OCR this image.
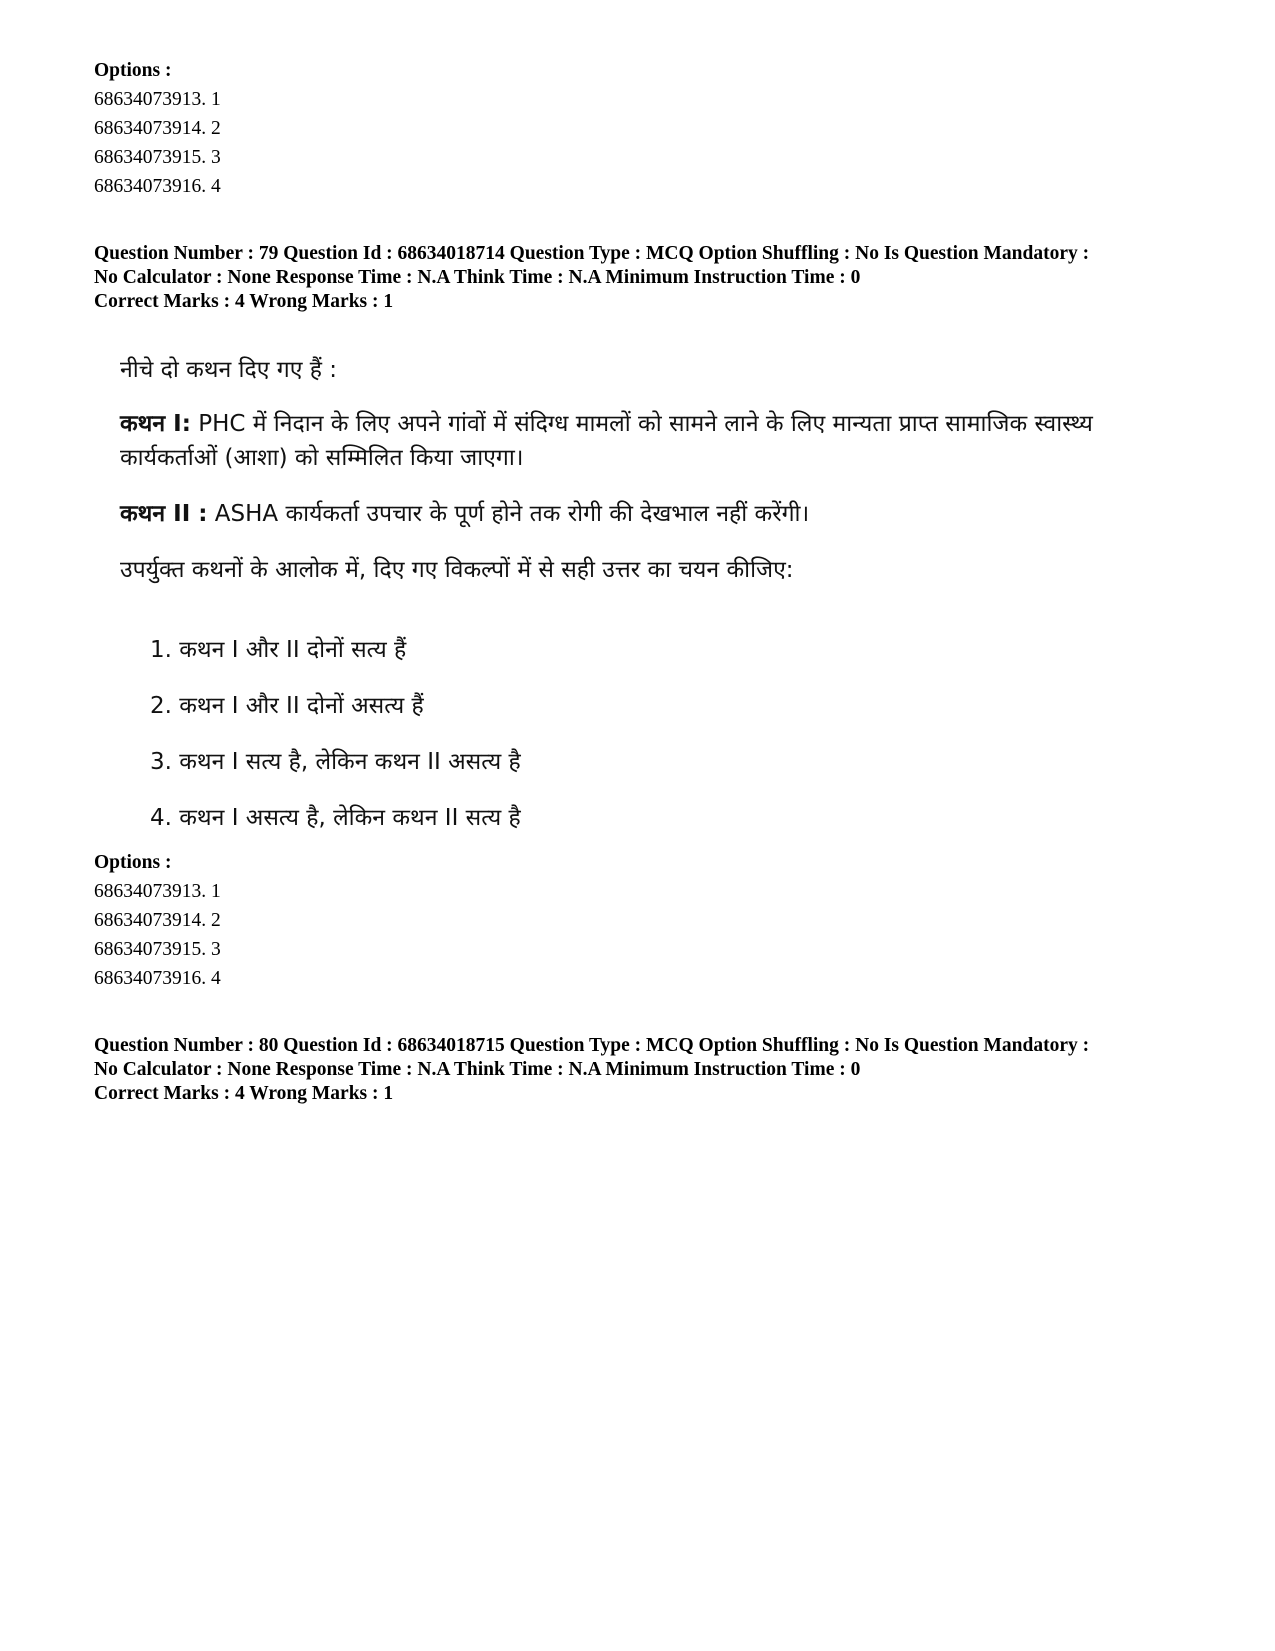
Options :
68634073913. 1
68634073914. 2
68634073915. 3
68634073916. 4
Question Number : 79 Question Id : 68634018714 Question Type : MCQ Option Shuffling : No Is Question Mandatory :
No Calculator : None Response Time : N.A Think Time : N.A Minimum Instruction Time : 0
Correct Marks : 4 Wrong Marks : 1
नीचे दो कथन दिए गए हैं :
कथन I: PHC में निदान के लिए अपने गांवों में संदिग्ध मामलों को सामने लाने के लिए मान्यता प्राप्त सामाजिक स्वास्थ्य
कार्यकर्ताओं (आशा) को सम्मिलित किया जाएगा।
कथन II : ASHA कार्यकर्ता उपचार के पूर्ण होने तक रोगी की देखभाल नहीं करेंगी।
उपर्युक्त कथनों के आलोक में, दिए गए विकल्पों में से सही उत्तर का चयन कीजिए:
1. कथन I और II दोनों सत्य हैं
2. कथन I और II दोनों असत्य हैं
3. कथन I सत्य है, लेकिन कथन II असत्य है
4. कथन I असत्य है, लेकिन कथन II सत्य है
Options :
68634073913. 1
68634073914. 2
68634073915. 3
68634073916. 4
Question Number : 80 Question Id : 68634018715 Question Type : MCQ Option Shuffling : No Is Question Mandatory :
No Calculator : None Response Time : N.A Think Time : N.A Minimum Instruction Time : 0
Correct Marks : 4 Wrong Marks : 1
